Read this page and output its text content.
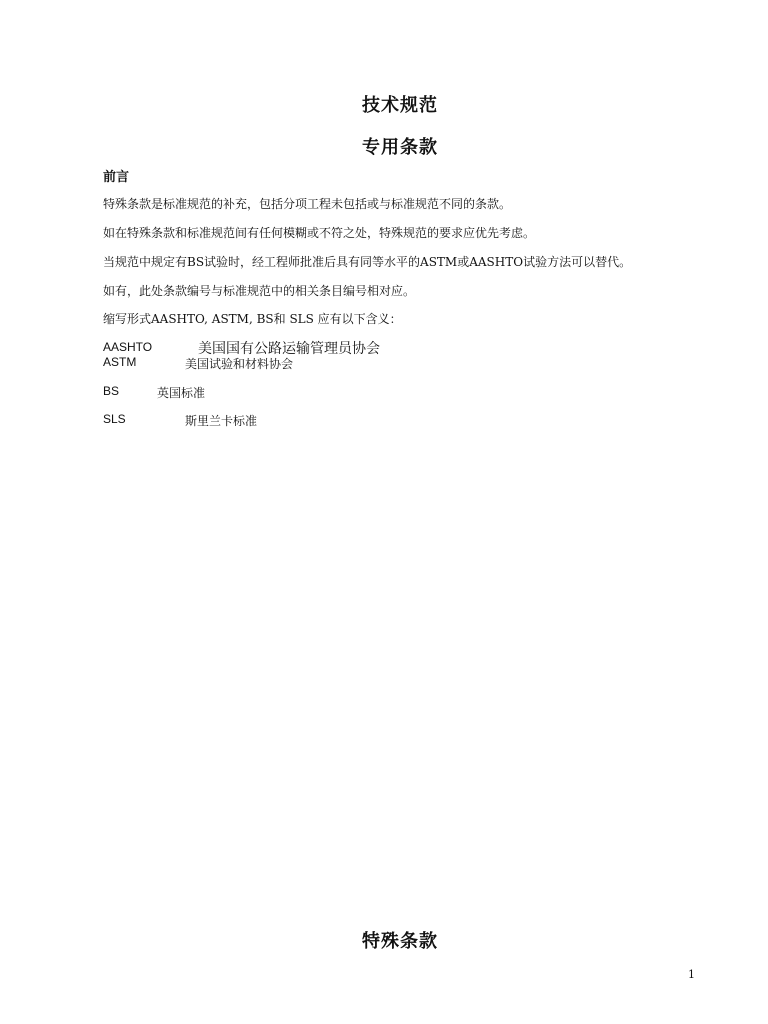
技术规范
专用条款
前言
特殊条款是标准规范的补充，包括分项工程未包括或与标准规范不同的条款。
如在特殊条款和标准规范间有任何模糊或不符之处，特殊规范的要求应优先考虑。
当规范中规定有BS试验时，经工程师批准后具有同等水平的ASTM或AASHTO试验方法可以替代。
如有，此处条款编号与标准规范中的相关条目编号相对应。
缩写形式AASHTO, ASTM, BS和 SLS 应有以下含义：
AASHTO	美国国有公路运输管理员协会
ASTM	美国试验和材料协会
BS	英国标准
SLS	斯里兰卡标准
特殊条款
1
